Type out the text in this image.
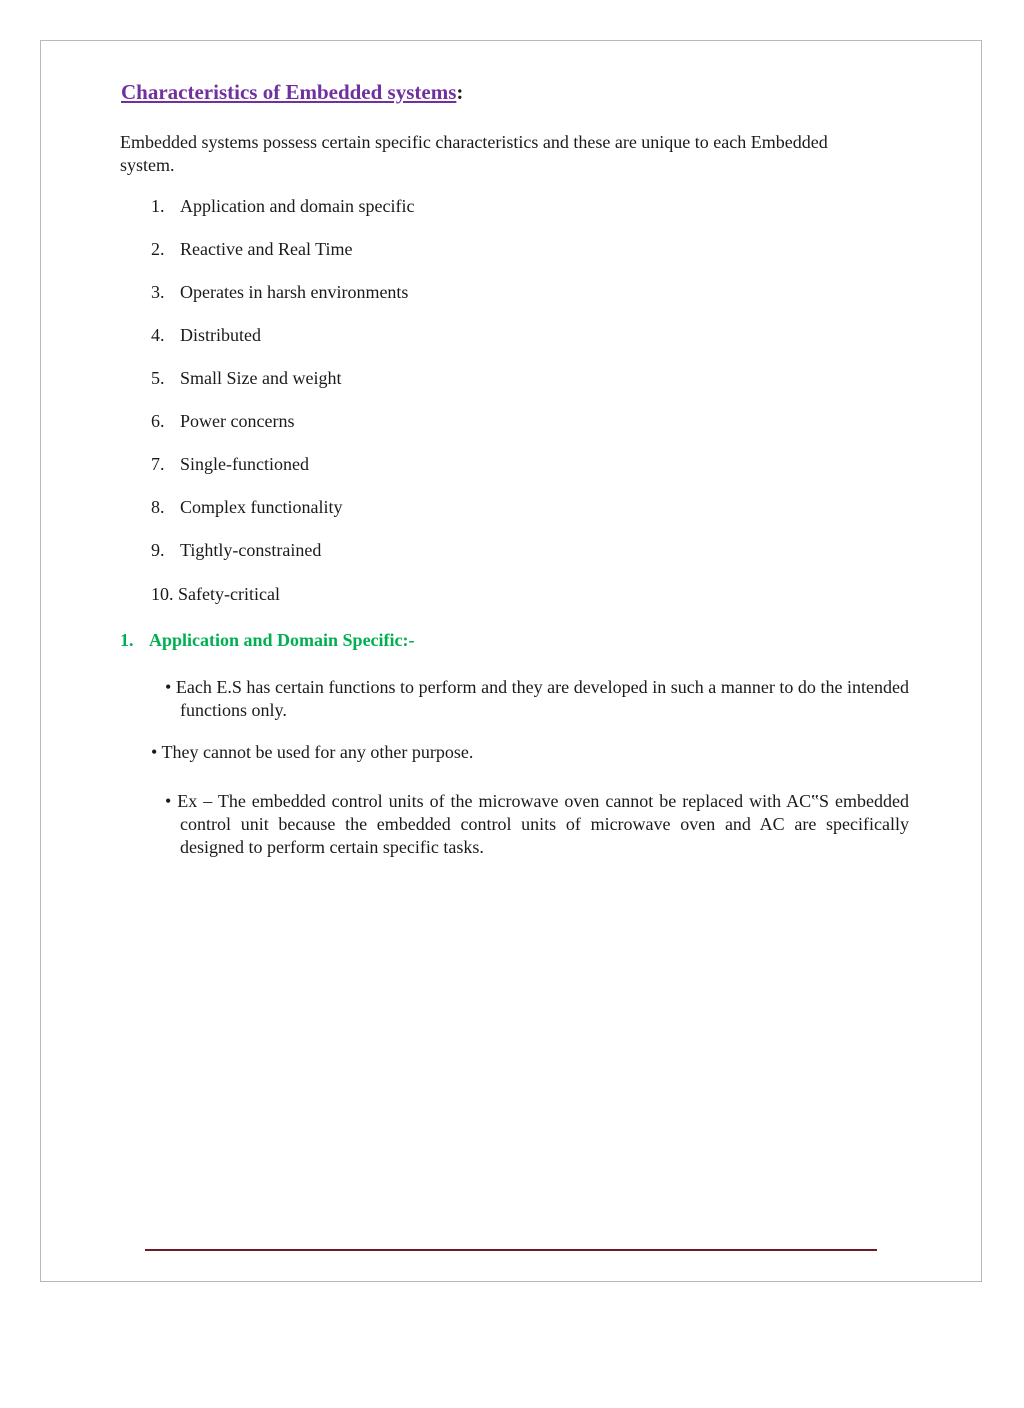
Characteristics of Embedded systems:

Embedded systems possess certain specific characteristics and these are unique to each Embedded system.

1. Application and domain specific
2. Reactive and Real Time
3. Operates in harsh environments
4. Distributed
5. Small Size and weight
6. Power concerns
7. Single-functioned
8. Complex functionality
9. Tightly-constrained
10. Safety-critical
1. Application and Domain Specific:-
• Each E.S has certain functions to perform and they are developed in such a manner to do the intended functions only.
• They cannot be used for any other purpose.
• Ex – The embedded control units of the microwave oven cannot be replaced with AC‟S embedded control unit because the embedded control units of microwave oven and AC are specifically designed to perform certain specific tasks.
